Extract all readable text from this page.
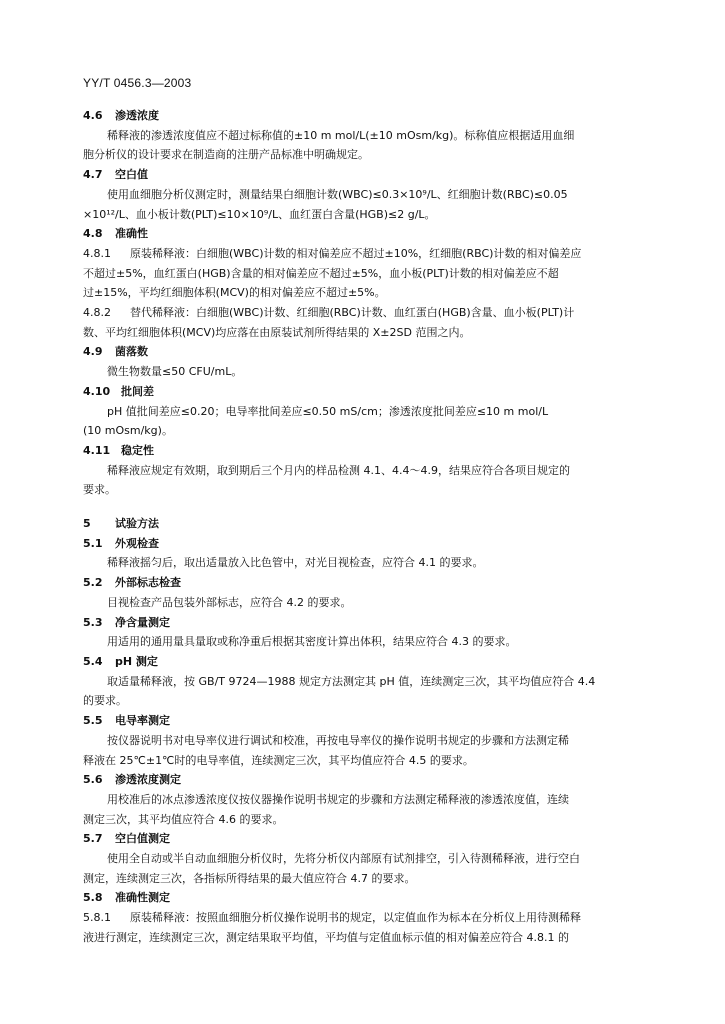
YY/T 0456.3—2003
4.6 渗透浓度
稀释液的渗透浓度值应不超过标称值的±10 m mol/L(±10 mOsm/kg)。标称值应根据适用血细
胞分析仪的设计要求在制造商的注册产品标准中明确规定。
4.7 空白值
使用血细胞分析仪测定时，测量结果白细胞计数(WBC)≤0.3×10⁹/L、红细胞计数(RBC)≤0.05
×10¹²/L、血小板计数(PLT)≤10×10⁹/L、血红蛋白含量(HGB)≤2 g/L。
4.8 准确性
4.8.1 原装稀释液：白细胞(WBC)计数的相对偏差应不超过±10%，红细胞(RBC)计数的相对偏差应
不超过±5%，血红蛋白(HGB)含量的相对偏差应不超过±5%，血小板(PLT)计数的相对偏差应不超
过±15%，平均红细胞体积(MCV)的相对偏差应不超过±5%。
4.8.2 替代稀释液：白细胞(WBC)计数、红细胞(RBC)计数、血红蛋白(HGB)含量、血小板(PLT)计
数、平均红细胞体积(MCV)均应落在由原装试剂所得结果的 X±2SD 范围之内。
4.9 菌落数
微生物数量≤50 CFU/mL。
4.10 批间差
pH 值批间差应≤0.20；电导率批间差应≤0.50 mS/cm；渗透浓度批间差应≤10 m mol/L
(10 mOsm/kg)。
4.11 稳定性
稀释液应规定有效期，取到期后三个月内的样品检测 4.1、4.4～4.9，结果应符合各项目规定的
要求。
5 试验方法
5.1 外观检查
稀释液摇匀后，取出适量放入比色管中，对光目视检查，应符合 4.1 的要求。
5.2 外部标志检查
目视检查产品包装外部标志，应符合 4.2 的要求。
5.3 净含量测定
用适用的通用量具量取或称净重后根据其密度计算出体积，结果应符合 4.3 的要求。
5.4 pH 测定
取适量稀释液，按 GB/T 9724—1988 规定方法测定其 pH 值，连续测定三次，其平均值应符合 4.4
的要求。
5.5 电导率测定
按仪器说明书对电导率仪进行调试和校准，再按电导率仪的操作说明书规定的步骤和方法测定稀
释液在 25℃±1℃时的电导率值，连续测定三次，其平均值应符合 4.5 的要求。
5.6 渗透浓度测定
用校准后的冰点渗透浓度仪按仪器操作说明书规定的步骤和方法测定稀释液的渗透浓度值，连续
测定三次，其平均值应符合 4.6 的要求。
5.7 空白值测定
使用全自动或半自动血细胞分析仪时，先将分析仪内部原有试剂排空，引入待测稀释液，进行空白
测定，连续测定三次，各指标所得结果的最大值应符合 4.7 的要求。
5.8 准确性测定
5.8.1 原装稀释液：按照血细胞分析仪操作说明书的规定，以定值血作为标本在分析仪上用待测稀释
液进行测定，连续测定三次，测定结果取平均值，平均值与定值血标示值的相对偏差应符合 4.8.1 的
